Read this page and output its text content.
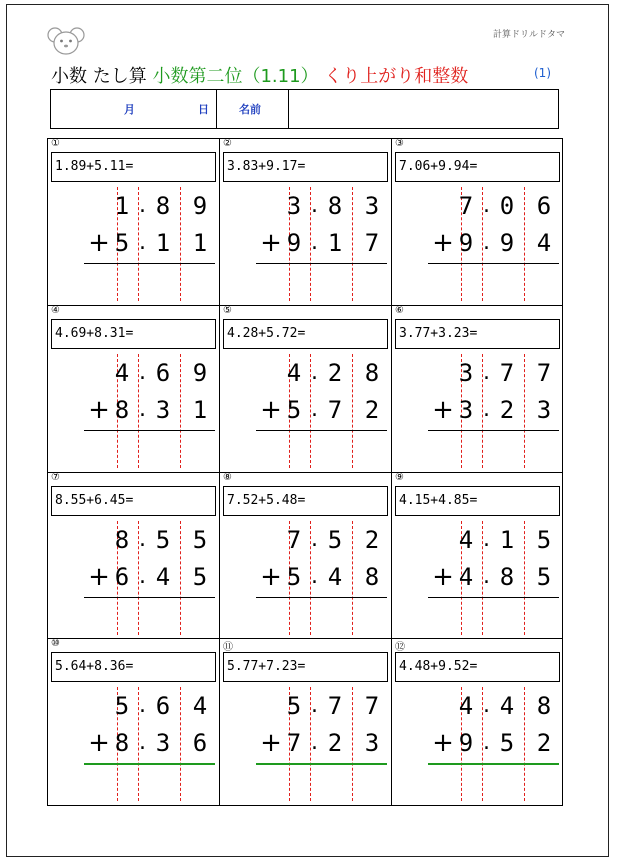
計算ドリルドタマ
小数 たし算 小数第二位（1.11） くり上がり和整数	(1)
月	日	名前
①
1.89+5.11=
1 8 9
.
5 1 1
.
+
②
3.83+9.17=
3 8 3
.
9 1 7
.
+
③
7.06+9.94=
7 0 6
.
9 9 4
.
+
④
4.69+8.31=
4 6 9
.
8 3 1
.
+
⑤
4.28+5.72=
4 2 8
.
5 7 2
.
+
⑥
3.77+3.23=
3 7 7
.
3 2 3
.
+
⑦
8.55+6.45=
8 5 5
.
6 4 5
.
+
⑧
7.52+5.48=
7 5 2
.
5 4 8
.
+
⑨
4.15+4.85=
4 1 5
.
4 8 5
.
+
⑩
5.64+8.36=
5 6 4
.
8 3 6
.
+
⑪
5.77+7.23=
5 7 7
.
7 2 3
.
+
⑫
4.48+9.52=
4 4 8
.
9 5 2
.
+
